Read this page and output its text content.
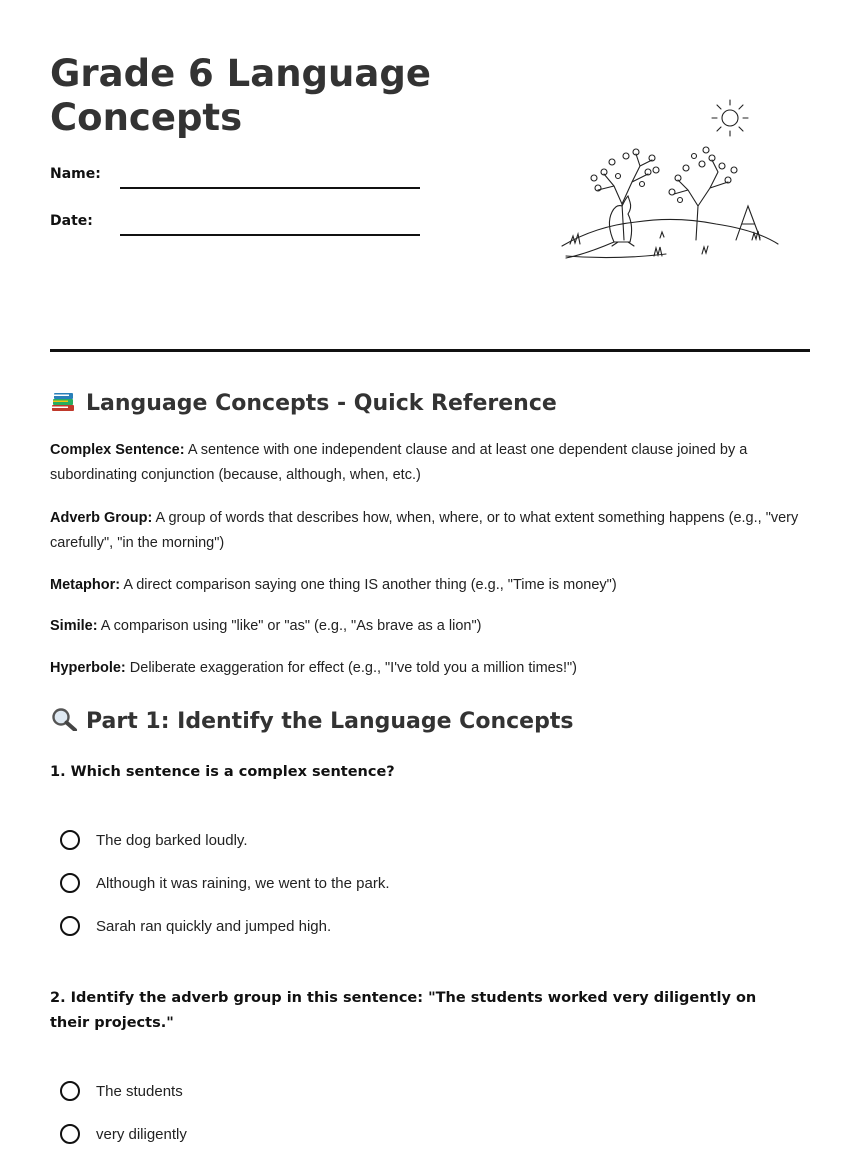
Grade 6 Language Concepts
Name:
Date:
Language Concepts - Quick Reference

Complex Sentence: A sentence with one independent clause and at least one dependent clause joined by a subordinating conjunction (because, although, when, etc.)

Adverb Group: A group of words that describes how, when, where, or to what extent something happens (e.g., "very carefully", "in the morning")

Metaphor: A direct comparison saying one thing IS another thing (e.g., "Time is money")

Simile: A comparison using "like" or "as" (e.g., "As brave as a lion")

Hyperbole: Deliberate exaggeration for effect (e.g., "I've told you a million times!")

Part 1: Identify the Language Concepts

1. Which sentence is a complex sentence?

The dog barked loudly.
Although it was raining, we went to the park.
Sarah ran quickly and jumped high.

2. Identify the adverb group in this sentence: "The students worked very diligently on their projects."

The students
very diligently
